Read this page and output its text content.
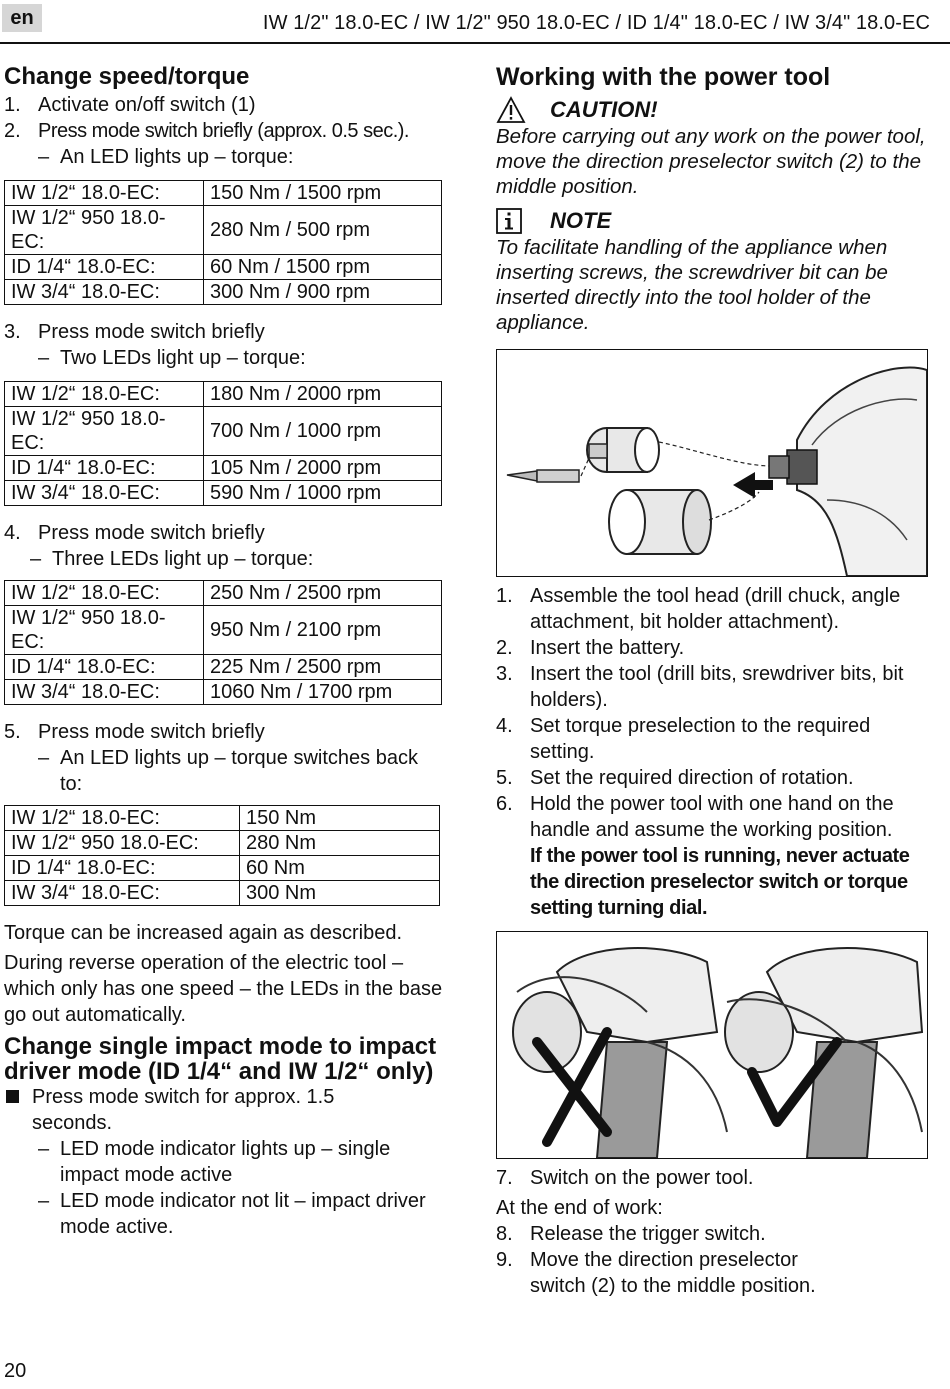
en	IW 1/2" 18.0-EC / IW 1/2" 950 18.0-EC / ID 1/4" 18.0-EC / IW 3/4" 18.0-EC
Change speed/torque
1. Activate on/off switch (1)
2. Press mode switch briefly (approx. 0.5 sec.).
– An LED lights up – torque:
IW 1/2“ 18.0-EC:	150 Nm / 1500 rpm
IW 1/2“ 950 18.0-EC:	280 Nm / 500 rpm
ID 1/4“ 18.0-EC:	60 Nm / 1500 rpm
IW 3/4“ 18.0-EC:	300 Nm / 900 rpm
3. Press mode switch briefly
– Two LEDs light up – torque:
IW 1/2“ 18.0-EC:	180 Nm / 2000 rpm
IW 1/2“ 950 18.0-EC:	700 Nm / 1000 rpm
ID 1/4“ 18.0-EC:	105 Nm / 2000 rpm
IW 3/4“ 18.0-EC:	590 Nm / 1000 rpm
4. Press mode switch briefly
– Three LEDs light up – torque:
IW 1/2“ 18.0-EC:	250 Nm / 2500 rpm
IW 1/2“ 950 18.0-EC:	950 Nm / 2100 rpm
ID 1/4“ 18.0-EC:	225 Nm / 2500 rpm
IW 3/4“ 18.0-EC:	1060 Nm / 1700 rpm
5. Press mode switch briefly
– An LED lights up – torque switches back to:
IW 1/2“ 18.0-EC:	150 Nm
IW 1/2“ 950 18.0-EC:	280 Nm
ID 1/4“ 18.0-EC:	60 Nm
IW 3/4“ 18.0-EC:	300 Nm

Torque can be increased again as described.

During reverse operation of the electric tool – which only has one speed – the LEDs in the base go out automatically.

Change single impact mode to impact driver mode (ID 1/4“ and IW 1/2“ only)
Press mode switch for approx. 1.5 seconds.
– LED mode indicator lights up – single impact mode active
– LED mode indicator not lit – impact driver mode active.
Working with the power tool
CAUTION!
Before carrying out any work on the power tool, move the direction preselector switch (2) to the middle position.
NOTE
To facilitate handling of the appliance when inserting screws, the screwdriver bit can be inserted directly into the tool holder of the appliance.
1. Assemble the tool head (drill chuck, angle attachment, bit holder attachment).
2. Insert the battery.
3. Insert the tool (drill bits, srewdriver bits, bit holders).
4. Set torque preselection to the required setting.
5. Set the required direction of rotation.
6. Hold the power tool with one hand on the handle and assume the working position.
If the power tool is running, never actuate the direction preselector switch or torque setting turning dial.
7. Switch on the power tool.
At the end of work:
8. Release the trigger switch.
9. Move the direction preselector switch (2) to the middle position.
20
